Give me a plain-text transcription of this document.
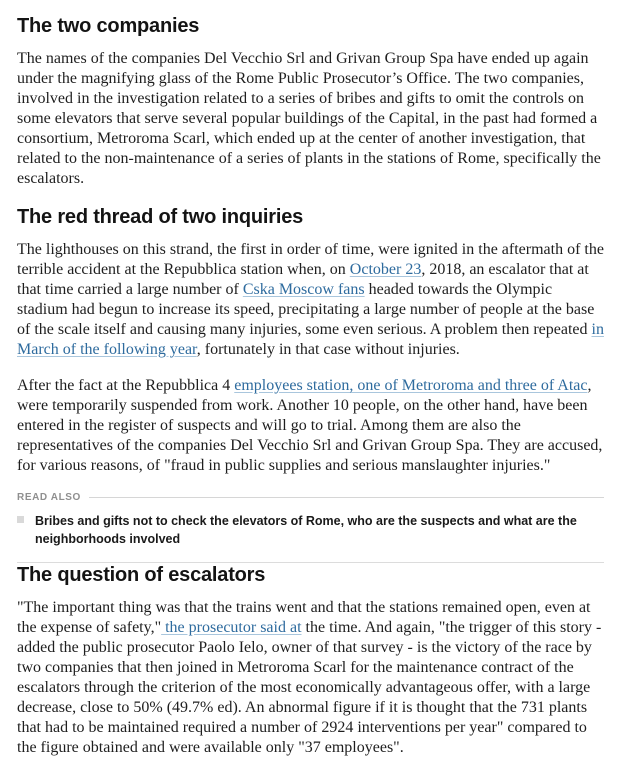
The two companies

The names of the companies Del Vecchio Srl and Grivan Group Spa have ended up again under the magnifying glass of the Rome Public Prosecutor’s Office. The two companies, involved in the investigation related to a series of bribes and gifts to omit the controls on some elevators that serve several popular buildings of the Capital, in the past had formed a consortium, Metroroma Scarl, which ended up at the center of another investigation, that related to the non-maintenance of a series of plants in the stations of Rome, specifically the escalators.

The red thread of two inquiries

The lighthouses on this strand, the first in order of time, were ignited in the aftermath of the terrible accident at the Repubblica station when, on October 23, 2018, an escalator that at that time carried a large number of Cska Moscow fans headed towards the Olympic stadium had begun to increase its speed, precipitating a large number of people at the base of the scale itself and causing many injuries, some even serious. A problem then repeated in March of the following year, fortunately in that case without injuries.

After the fact at the Repubblica 4 employees station, one of Metroroma and three of Atac, were temporarily suspended from work. Another 10 people, on the other hand, have been entered in the register of suspects and will go to trial. Among them are also the representatives of the companies Del Vecchio Srl and Grivan Group Spa. They are accused, for various reasons, of "fraud in public supplies and serious manslaughter injuries."

READ ALSO
Bribes and gifts not to check the elevators of Rome, who are the suspects and what are the neighborhoods involved
The question of escalators

"The important thing was that the trains went and that the stations remained open, even at the expense of safety," the prosecutor said at the time. And again, "the trigger of this story - added the public prosecutor Paolo Ielo, owner of that survey - is the victory of the race by two companies that then joined in Metroroma Scarl for the maintenance contract of the escalators through the criterion of the most economically advantageous offer, with a large decrease, close to 50% (49.7% ed). An abnormal figure if it is thought that the 731 plants that had to be maintained required a number of 2924 interventions per year" compared to the figure obtained and were available only "37 employees".
